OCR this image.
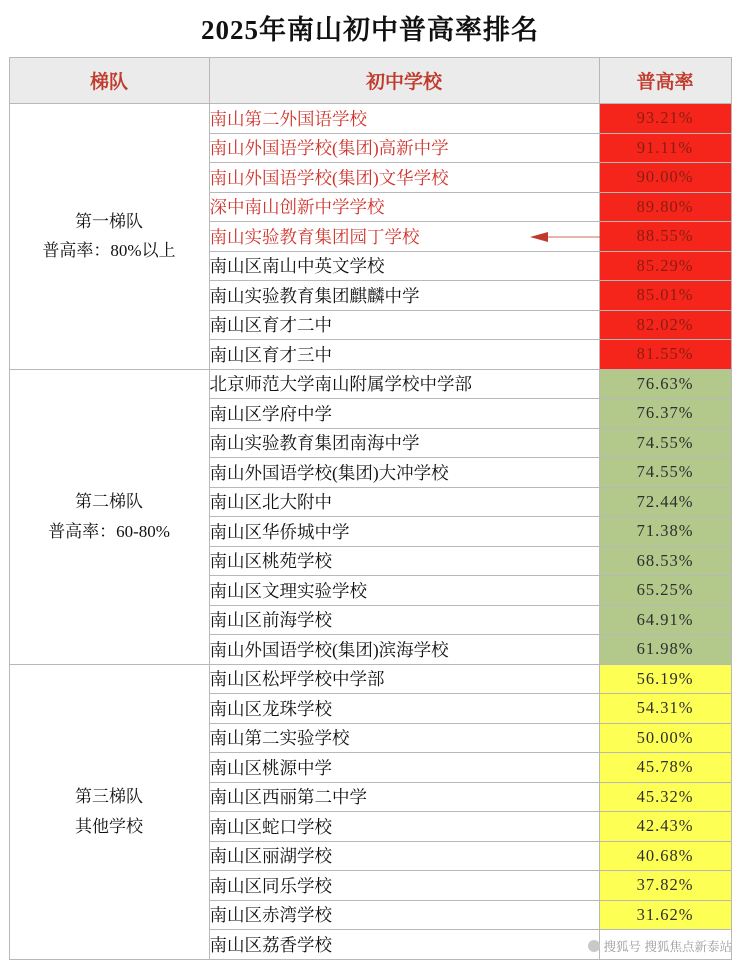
2025年南山初中普高率排名
梯队	初中学校	普高率

第一梯队
普高率：80%以上	南山第二外国语学校	93.21%
	南山外国语学校(集团)高新中学	91.11%
	南山外国语学校(集团)文华学校	90.00%
	深中南山创新中学学校	89.80%
	南山实验教育集团园丁学校	88.55%
	南山区南山中英文学校	85.29%
	南山实验教育集团麒麟中学	85.01%
	南山区育才二中	82.02%
	南山区育才三中	81.55%

第二梯队
普高率：60-80%	北京师范大学南山附属学校中学部	76.63%
	南山区学府中学	76.37%
	南山实验教育集团南海中学	74.55%
	南山外国语学校(集团)大冲学校	74.55%
	南山区北大附中	72.44%
	南山区华侨城中学	71.38%
	南山区桃苑学校	68.53%
	南山区文理实验学校	65.25%
	南山区前海学校	64.91%
	南山外国语学校(集团)滨海学校	61.98%

第三梯队
其他学校	南山区松坪学校中学部	56.19%
	南山区龙珠学校	54.31%
	南山第二实验学校	50.00%
	南山区桃源中学	45.78%
	南山区西丽第二中学	45.32%
	南山区蛇口学校	42.43%
	南山区丽湖学校	40.68%
	南山区同乐学校	37.82%
	南山区赤湾学校	31.62%
	南山区荔香学校		搜狐号 搜狐焦点新泰站
